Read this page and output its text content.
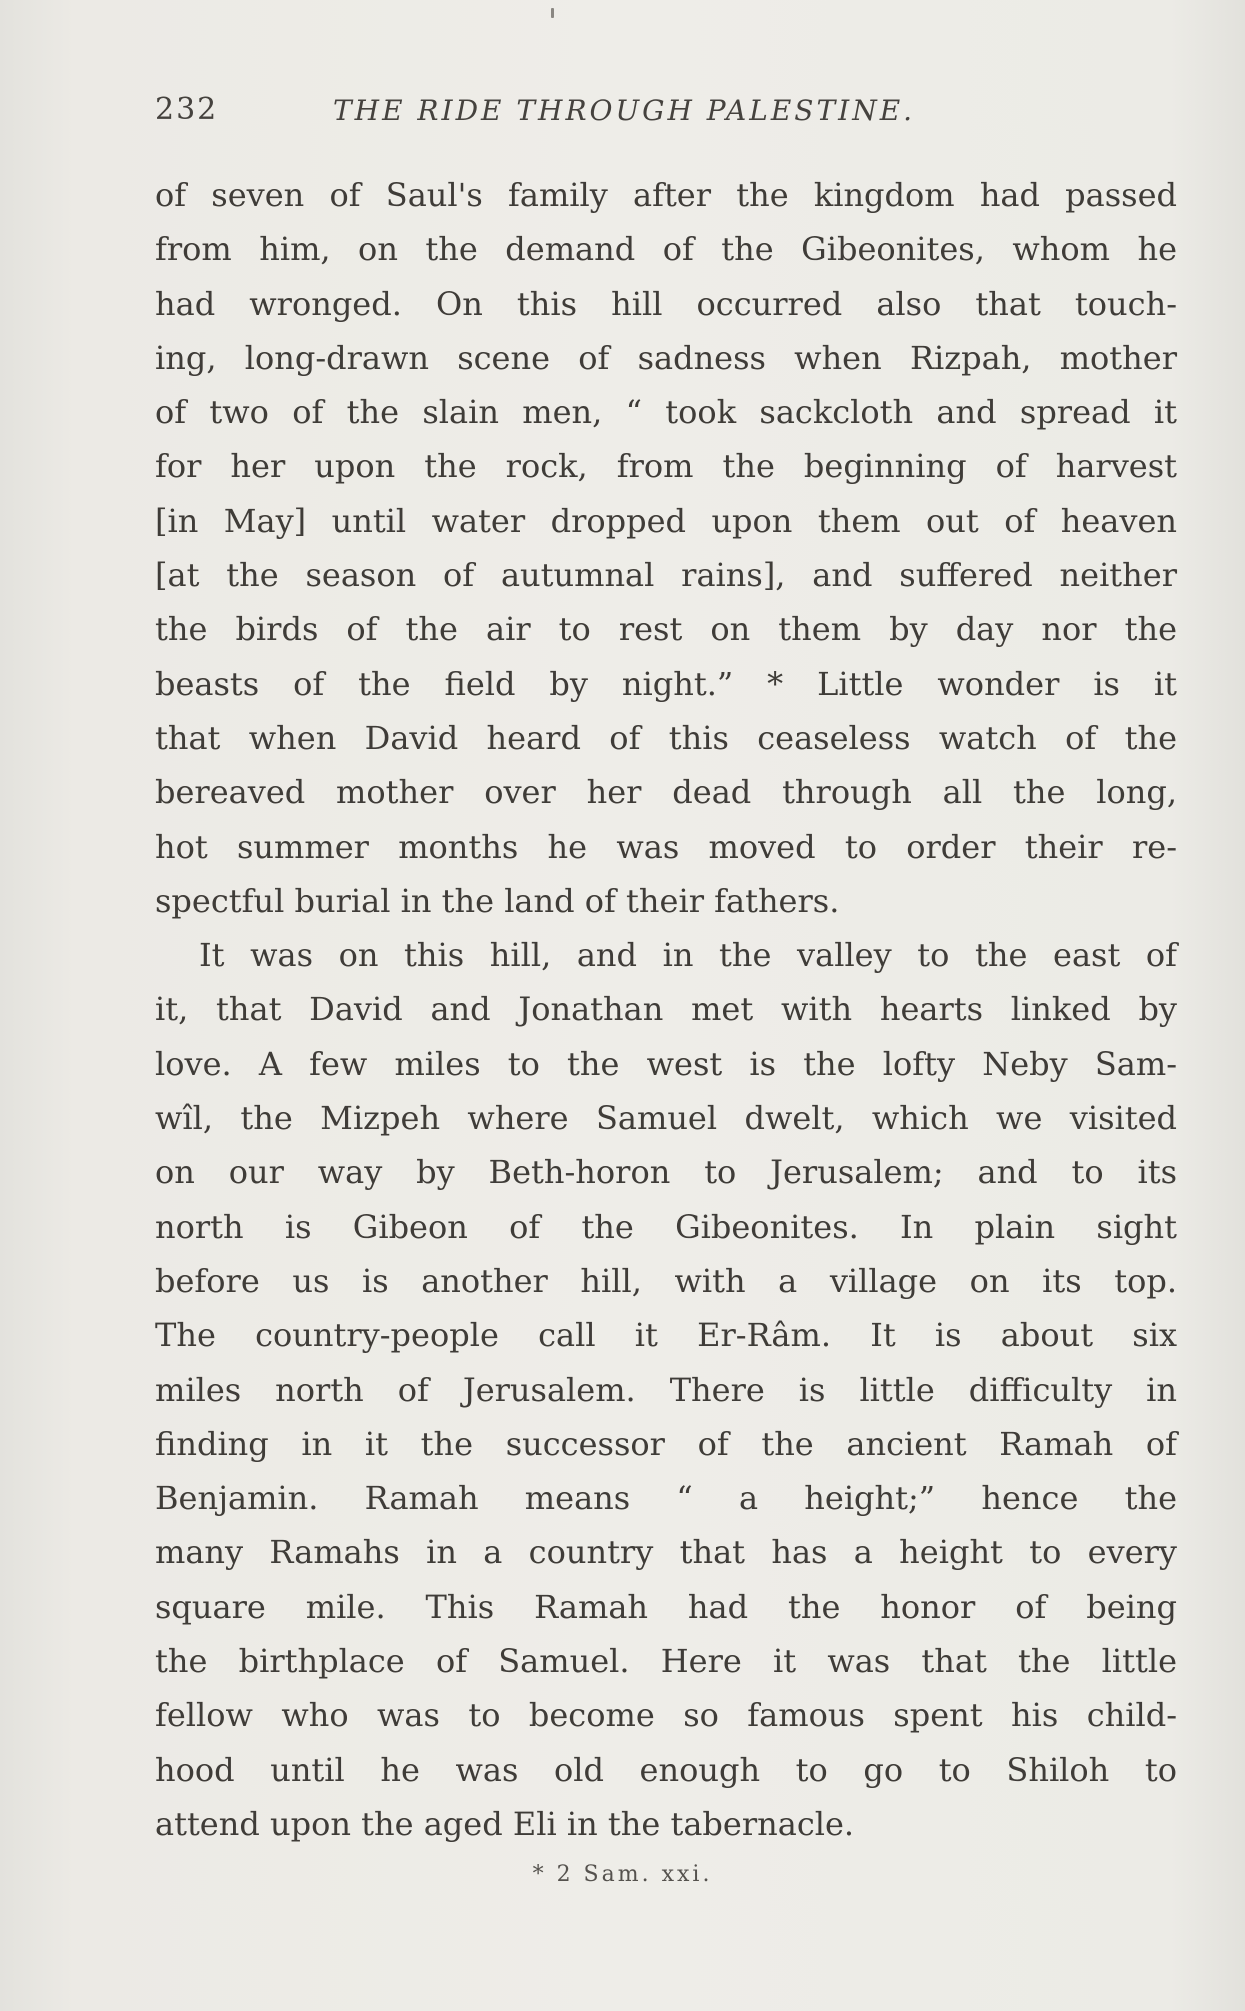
232	THE RIDE THROUGH PALESTINE.
of seven of Saul's family after the kingdom had passed
from him, on the demand of the Gibeonites, whom he
had wronged. On this hill occurred also that touch-
ing, long-drawn scene of sadness when Rizpah, mother
of two of the slain men, “ took sackcloth and spread it
for her upon the rock, from the beginning of harvest
[in May] until water dropped upon them out of heaven
[at the season of autumnal rains], and suffered neither
the birds of the air to rest on them by day nor the
beasts of the field by night.” * Little wonder is it
that when David heard of this ceaseless watch of the
bereaved mother over her dead through all the long,
hot summer months he was moved to order their re-
spectful burial in the land of their fathers.
It was on this hill, and in the valley to the east of
it, that David and Jonathan met with hearts linked by
love. A few miles to the west is the lofty Neby Sam-
wîl, the Mizpeh where Samuel dwelt, which we visited
on our way by Beth-horon to Jerusalem; and to its
north is Gibeon of the Gibeonites. In plain sight
before us is another hill, with a village on its top.
The country-people call it Er-Râm. It is about six
miles north of Jerusalem. There is little difficulty in
finding in it the successor of the ancient Ramah of
Benjamin. Ramah means “ a height;” hence the
many Ramahs in a country that has a height to every
square mile. This Ramah had the honor of being
the birthplace of Samuel. Here it was that the little
fellow who was to become so famous spent his child-
hood until he was old enough to go to Shiloh to
attend upon the aged Eli in the tabernacle.
* 2 Sam. xxi.
